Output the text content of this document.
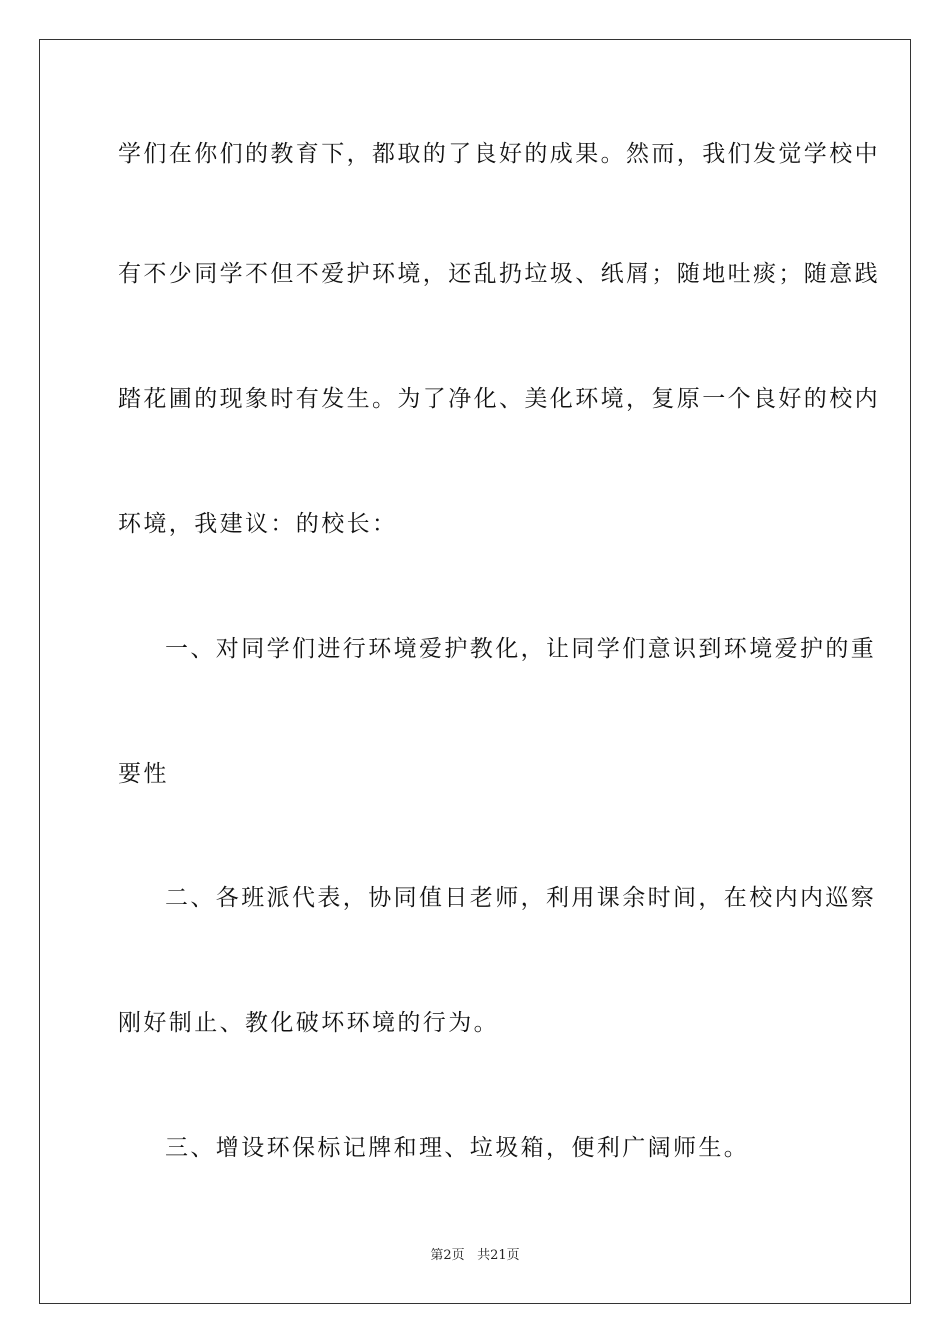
学们在你们的教育下，都取的了良好的成果。然而，我们发觉学校中
有不少同学不但不爱护环境，还乱扔垃圾、纸屑；随地吐痰；随意践
踏花圃的现象时有发生。为了净化、美化环境，复原一个良好的校内
环境，我建议：的校长：
一、对同学们进行环境爱护教化，让同学们意识到环境爱护的重
要性
二、各班派代表，协同值日老师，利用课余时间，在校内内巡察
刚好制止、教化破坏环境的行为。
三、增设环保标记牌和理、垃圾箱，便利广阔师生。
第2页 共21页
